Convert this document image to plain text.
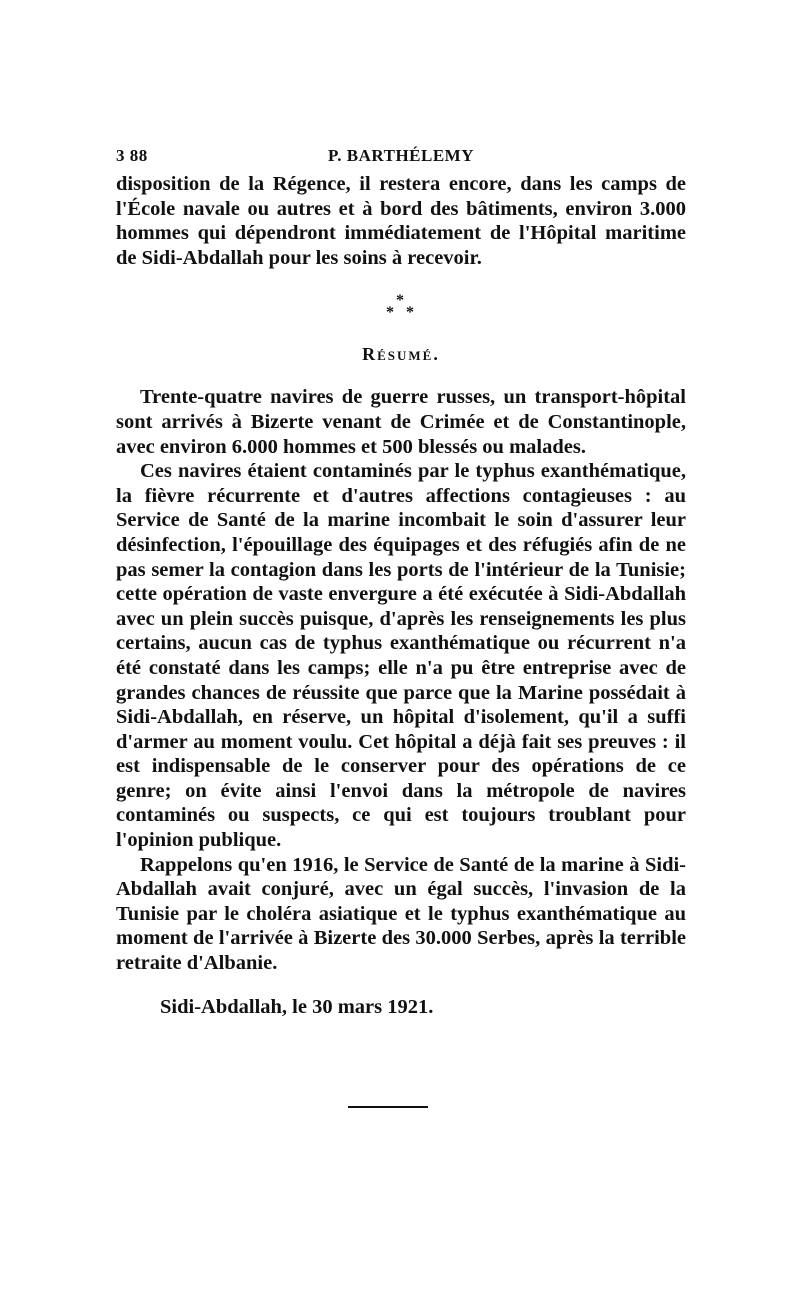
3 88	P. BARTHÉLEMY

disposition de la Régence, il restera encore, dans les camps de l'École navale ou autres et à bord des bâtiments, environ 3.000 hommes qui dépendront immédiatement de l'Hôpital maritime de Sidi-Abdallah pour les soins à recevoir.

*
* *
Résumé.

Trente-quatre navires de guerre russes, un transport-hôpital sont arrivés à Bizerte venant de Crimée et de Constantinople, avec environ 6.000 hommes et 500 blessés ou malades.

Ces navires étaient contaminés par le typhus exanthématique, la fièvre récurrente et d'autres affections contagieuses : au Service de Santé de la marine incombait le soin d'assurer leur désinfection, l'épouillage des équipages et des réfugiés afin de ne pas semer la contagion dans les ports de l'intérieur de la Tunisie; cette opération de vaste envergure a été exécutée à Sidi-Abdallah avec un plein succès puisque, d'après les renseignements les plus certains, aucun cas de typhus exanthématique ou récurrent n'a été constaté dans les camps; elle n'a pu être entreprise avec de grandes chances de réussite que parce que la Marine possédait à Sidi-Abdallah, en réserve, un hôpital d'isolement, qu'il a suffi d'armer au moment voulu. Cet hôpital a déjà fait ses preuves : il est indispensable de le conserver pour des opérations de ce genre; on évite ainsi l'envoi dans la métropole de navires contaminés ou suspects, ce qui est toujours troublant pour l'opinion publique.

Rappelons qu'en 1916, le Service de Santé de la marine à Sidi-Abdallah avait conjuré, avec un égal succès, l'invasion de la Tunisie par le choléra asiatique et le typhus exanthématique au moment de l'arrivée à Bizerte des 30.000 Serbes, après la terrible retraite d'Albanie.

Sidi-Abdallah, le 30 mars 1921.
